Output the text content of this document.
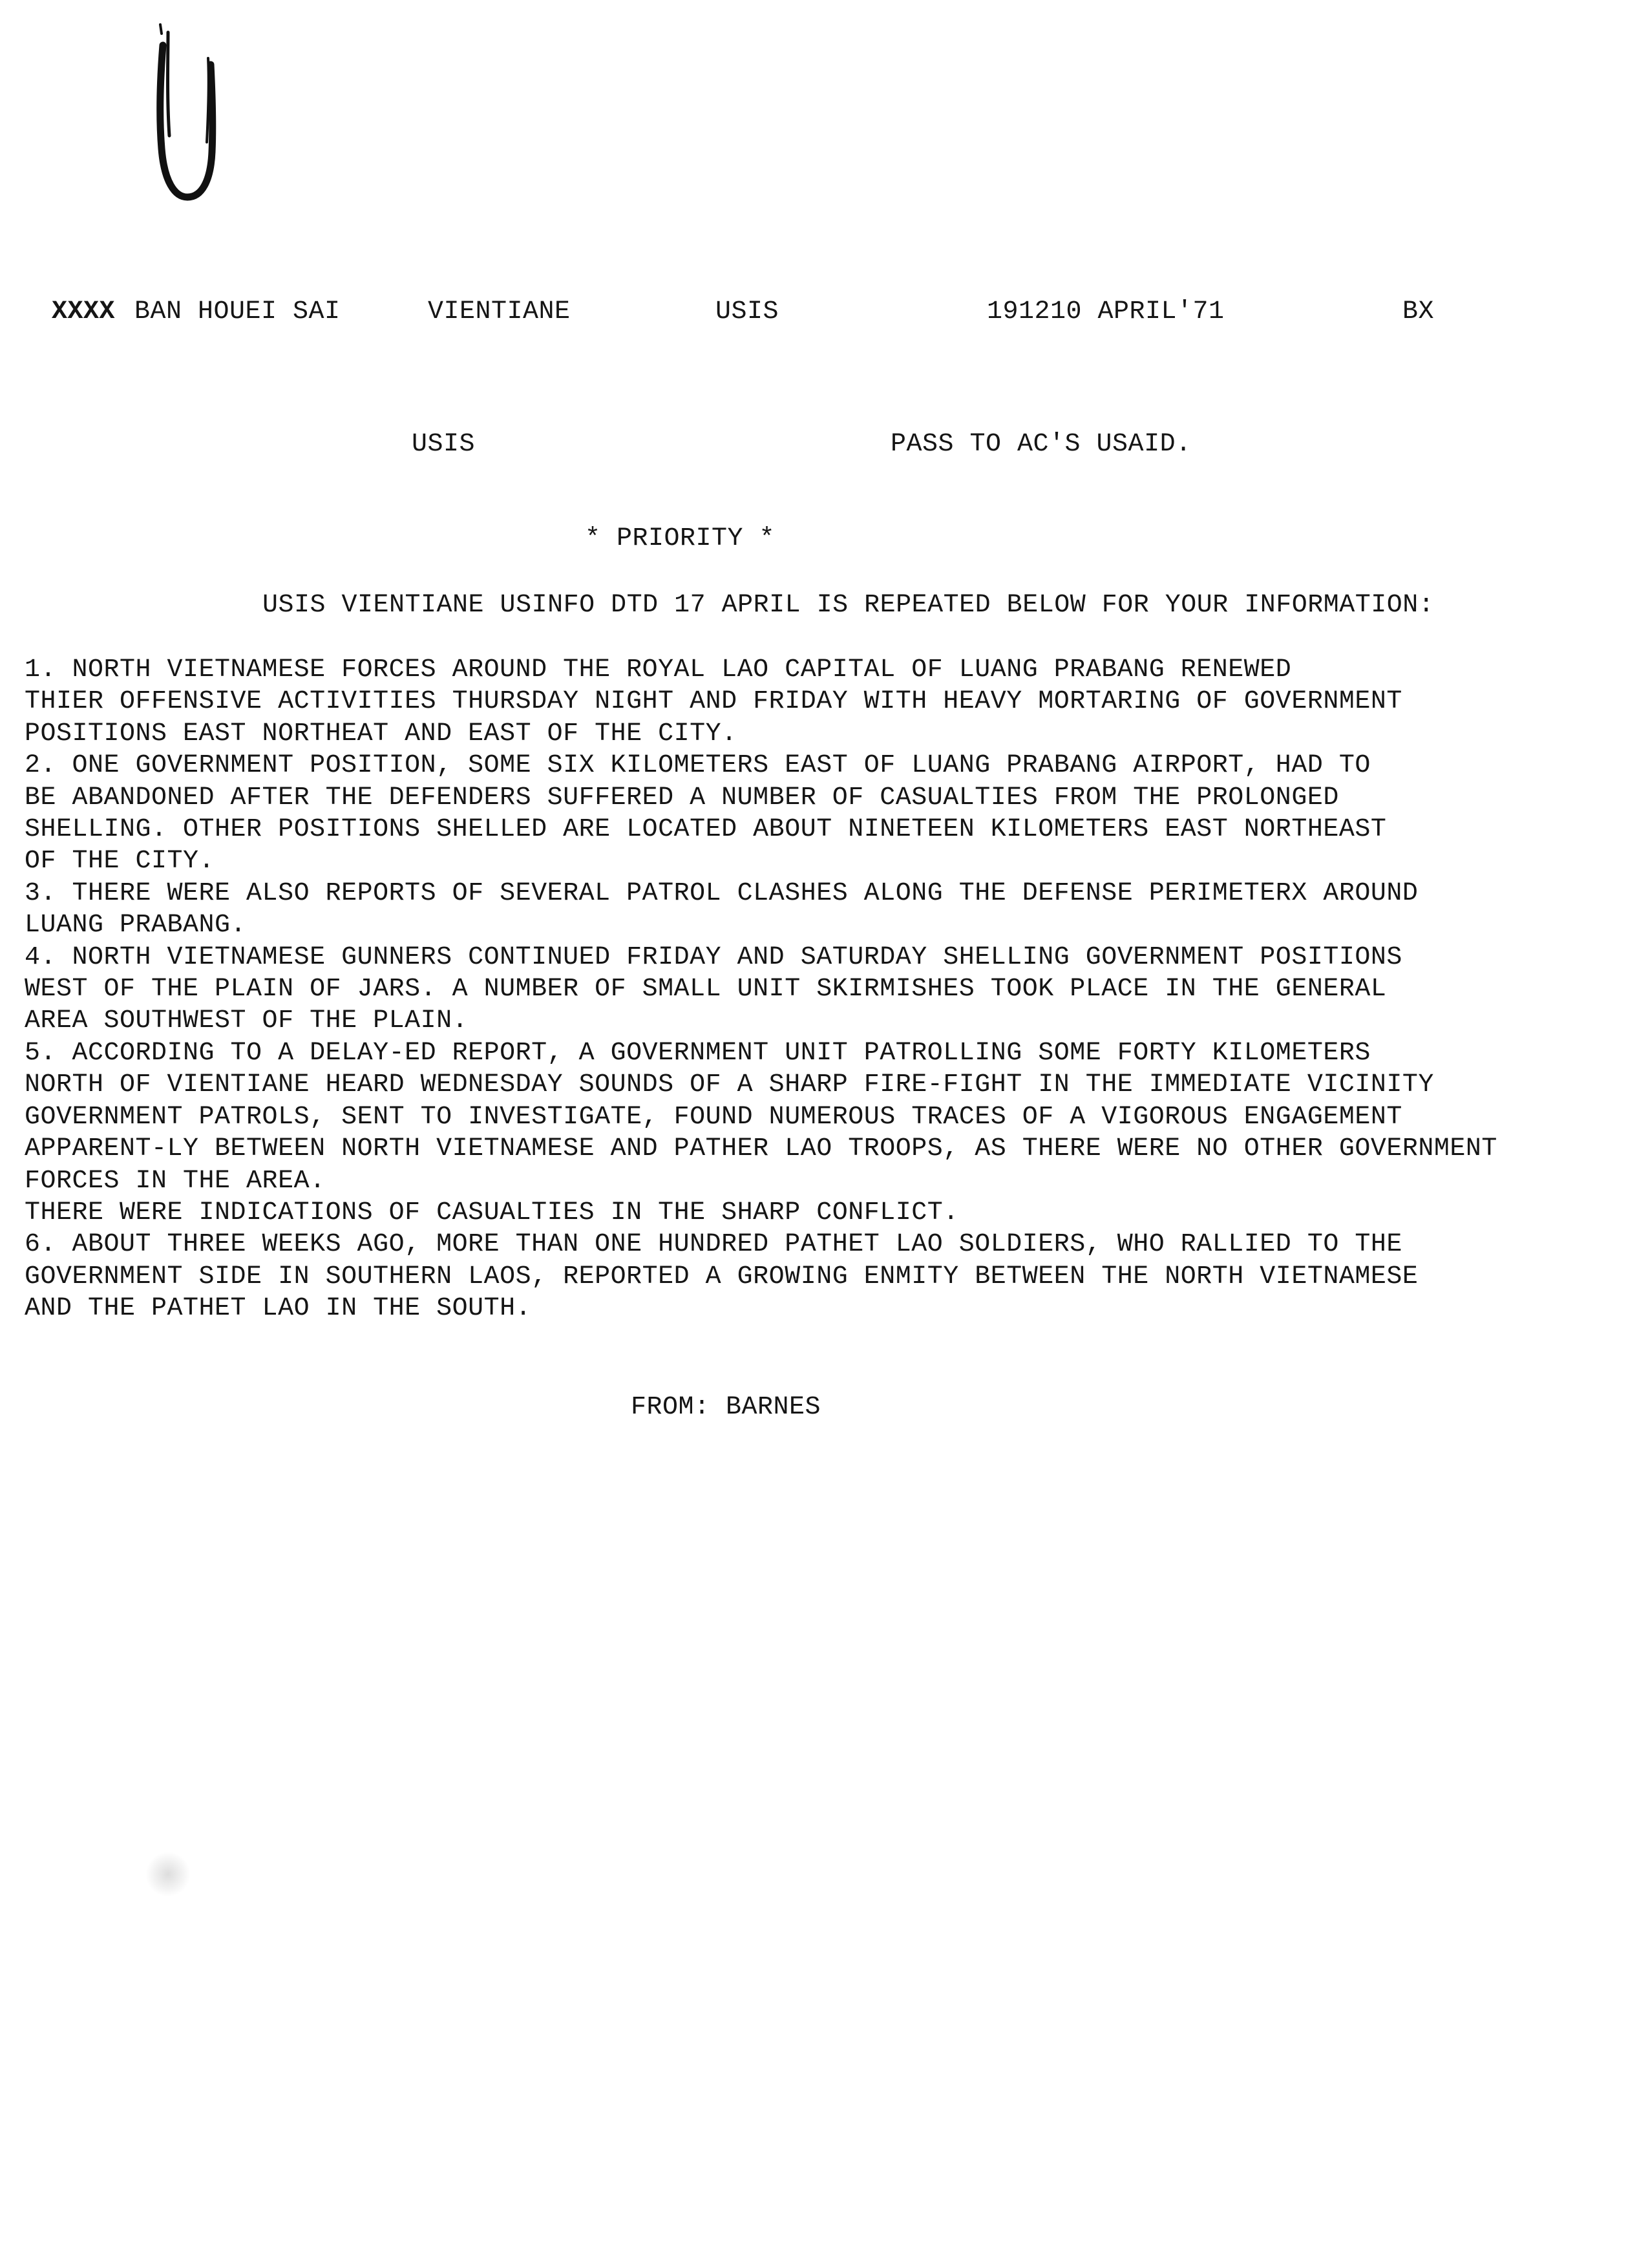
XXXX BAN HOUEI SAI	VIENTIANE	USIS	191210 APRIL'71	BX
USIS	PASS TO AC'S USAID.
* PRIORITY *
USIS VIENTIANE USINFO DTD 17 APRIL IS REPEATED BELOW FOR YOUR INFORMATION:
1. NORTH VIETNAMESE FORCES AROUND THE ROYAL LAO CAPITAL OF LUANG PRABANG RENEWED
THIER OFFENSIVE ACTIVITIES THURSDAY NIGHT AND FRIDAY WITH HEAVY MORTARING OF GOVERNMENT
POSITIONS EAST NORTHEAT AND EAST OF THE CITY.
2. ONE GOVERNMENT POSITION, SOME SIX KILOMETERS EAST OF LUANG PRABANG AIRPORT, HAD TO
BE ABANDONED AFTER THE DEFENDERS SUFFERED A NUMBER OF CASUALTIES FROM THE PROLONGED
SHELLING. OTHER POSITIONS SHELLED ARE LOCATED ABOUT NINETEEN KILOMETERS EAST NORTHEAST
OF THE CITY.
3. THERE WERE ALSO REPORTS OF SEVERAL PATROL CLASHES ALONG THE DEFENSE PERIMETERX AROUND
LUANG PRABANG.
4. NORTH VIETNAMESE GUNNERS CONTINUED FRIDAY AND SATURDAY SHELLING GOVERNMENT POSITIONS
WEST OF THE PLAIN OF JARS. A NUMBER OF SMALL UNIT SKIRMISHES TOOK PLACE IN THE GENERAL
AREA SOUTHWEST OF THE PLAIN.
5. ACCORDING TO A DELAY-ED REPORT, A GOVERNMENT UNIT PATROLLING SOME FORTY KILOMETERS
NORTH OF VIENTIANE HEARD WEDNESDAY SOUNDS OF A SHARP FIRE-FIGHT IN THE IMMEDIATE VICINITY
GOVERNMENT PATROLS, SENT TO INVESTIGATE, FOUND NUMEROUS TRACES OF A VIGOROUS ENGAGEMENT
APPARENT-LY BETWEEN NORTH VIETNAMESE AND PATHER LAO TROOPS, AS THERE WERE NO OTHER GOVERNMENT
FORCES IN THE AREA.
THERE WERE INDICATIONS OF CASUALTIES IN THE SHARP CONFLICT.
6. ABOUT THREE WEEKS AGO, MORE THAN ONE HUNDRED PATHET LAO SOLDIERS, WHO RALLIED TO THE
GOVERNMENT SIDE IN SOUTHERN LAOS, REPORTED A GROWING ENMITY BETWEEN THE NORTH VIETNAMESE
AND THE PATHET LAO IN THE SOUTH.
FROM: BARNES
